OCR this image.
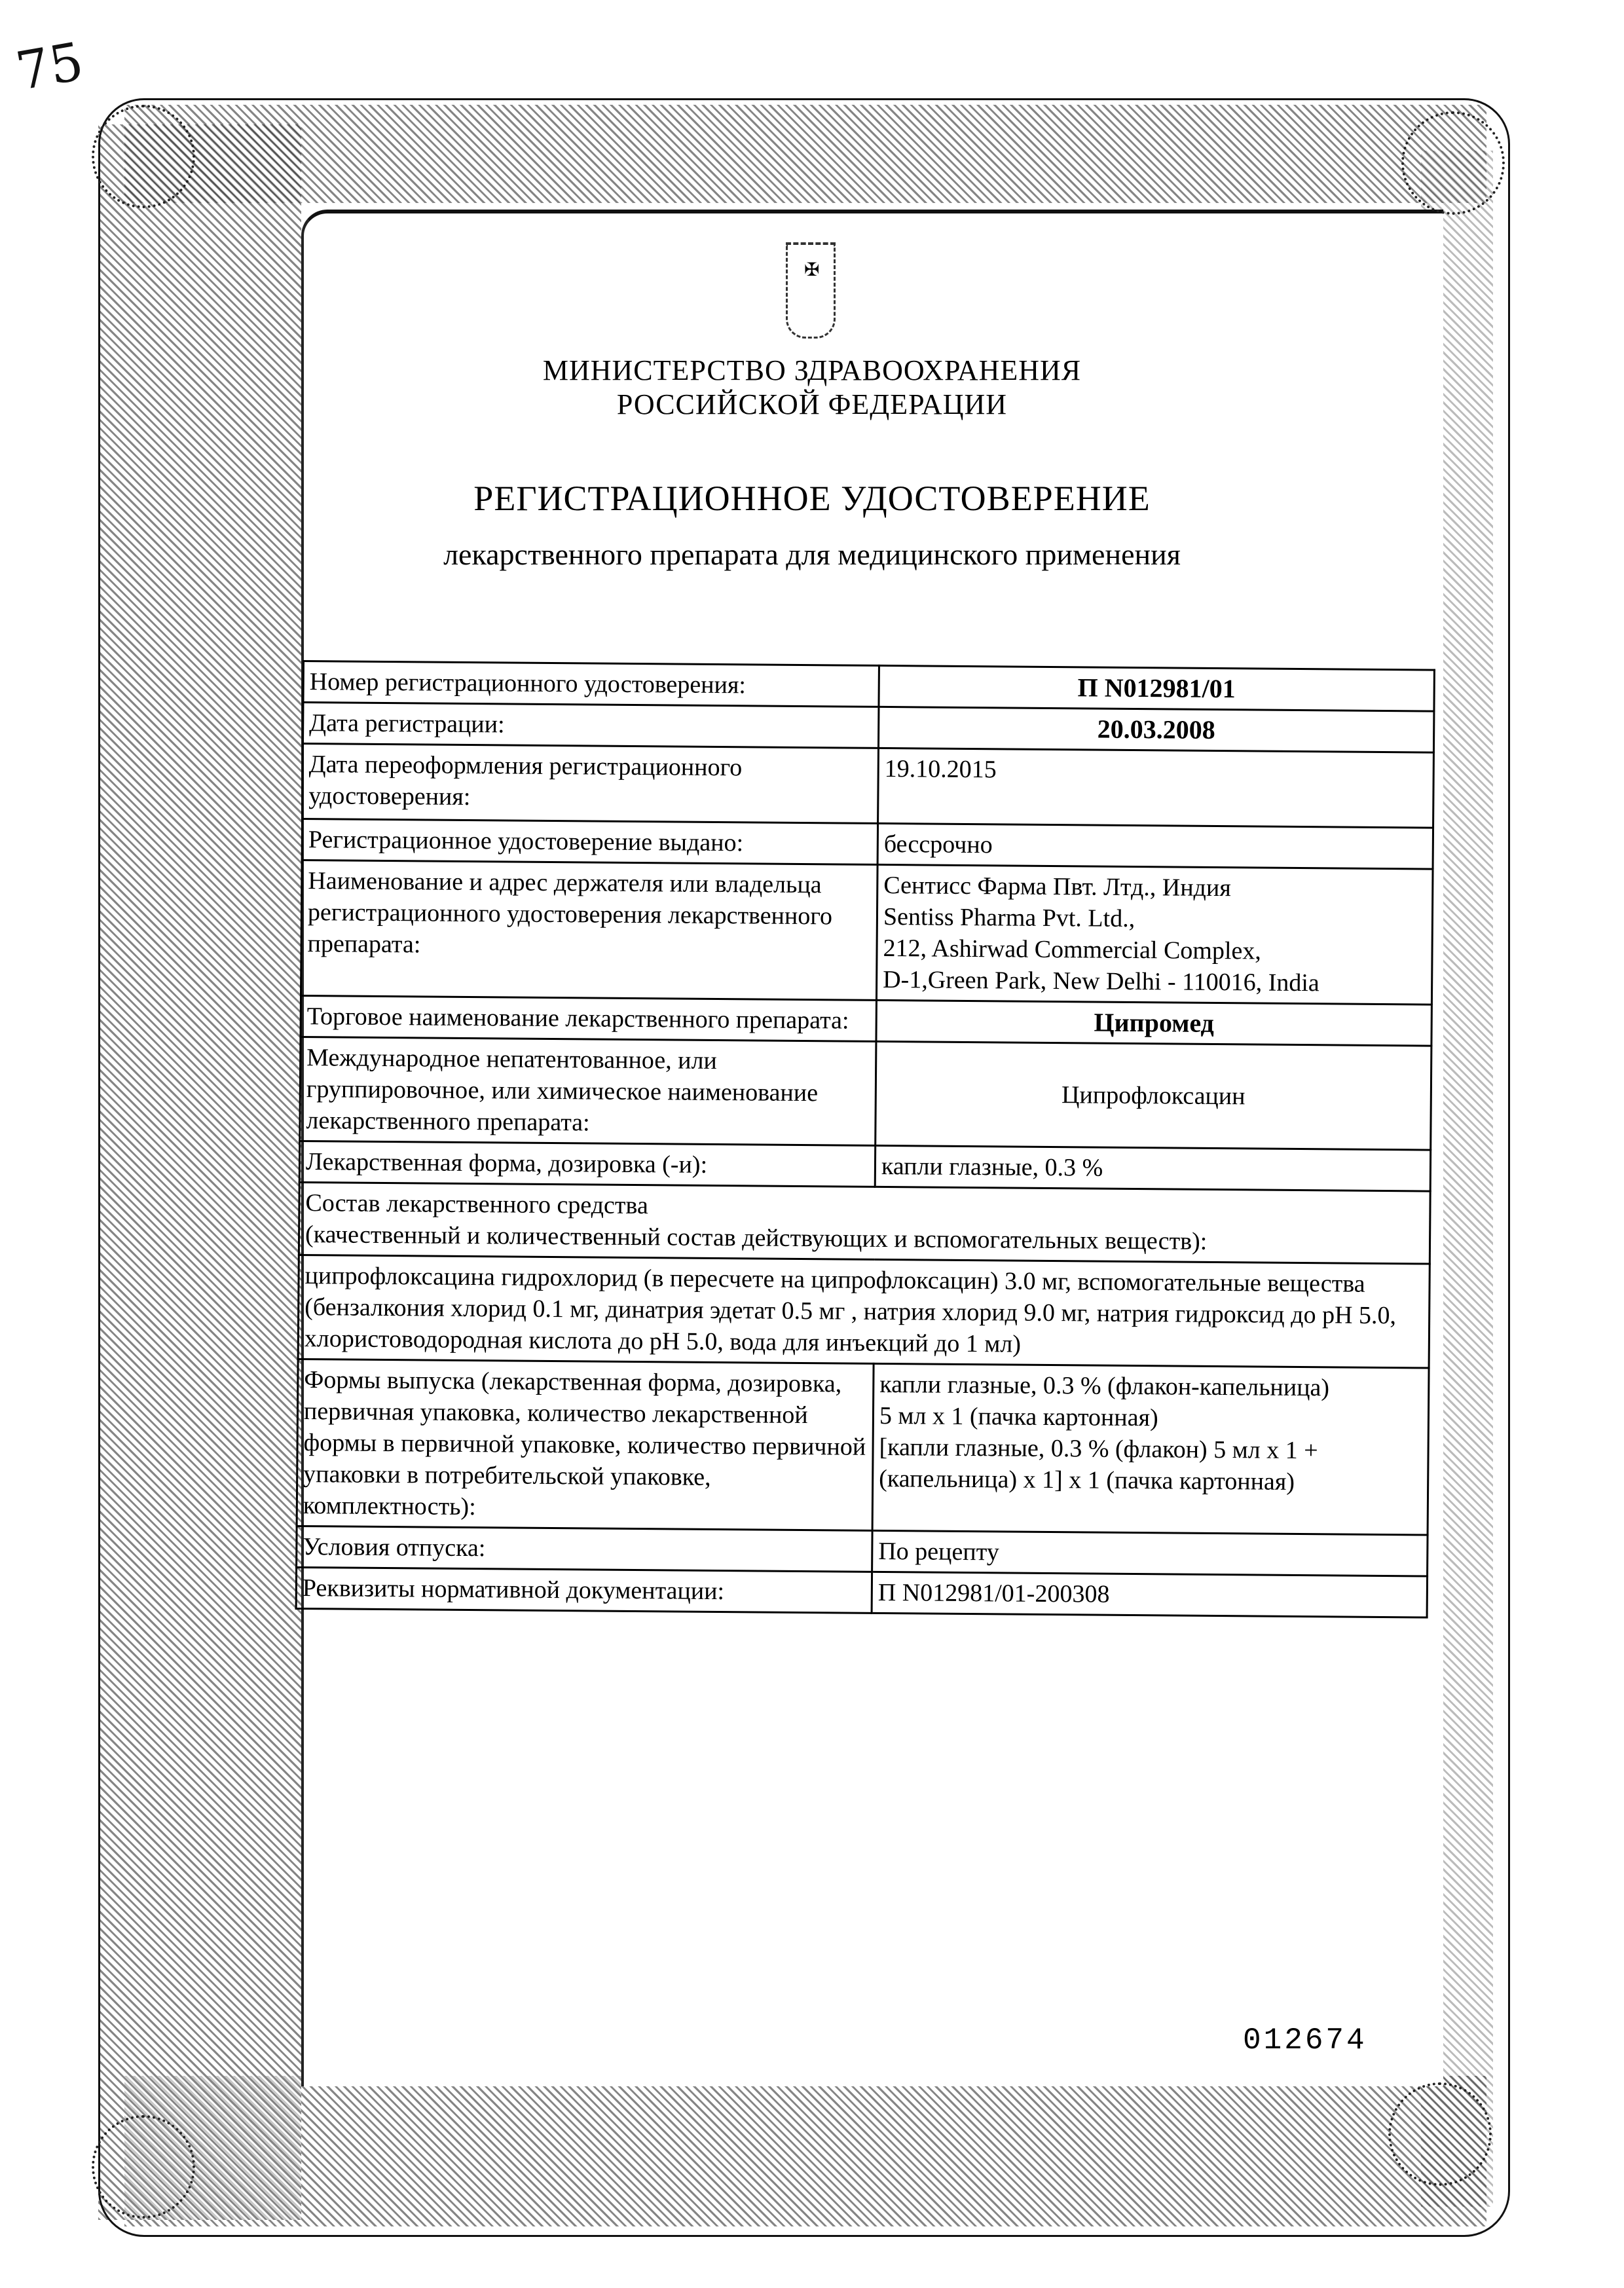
75
✠
МИНИСТЕРСТВО ЗДРАВООХРАНЕНИЯ
РОССИЙСКОЙ ФЕДЕРАЦИИ
РЕГИСТРАЦИОННОЕ УДОСТОВЕРЕНИЕ
лекарственного препарата для медицинского применения
Номер регистрационного удостоверения:	П N012981/01
Дата регистрации:	20.03.2008
Дата переоформления регистрационного удостоверения:	19.10.2015
Регистрационное удостоверение выдано:	бессрочно
Наименование и адрес держателя или владельца регистрационного удостоверения лекарственного препарата:	Сентисс Фарма Пвт. Лтд., Индия
Sentiss Pharma Pvt. Ltd.,
212, Ashirwad Commercial Complex,
D-1,Green Park, New Delhi - 110016, India
Торговое наименование лекарственного препарата:	Ципромед
Международное непатентованное, или группировочное, или химическое наименование лекарственного препарата:	Ципрофлоксацин
Лекарственная форма, дозировка (-и):	капли глазные, 0.3 %
Состав лекарственного средства
(качественный и количественный состав действующих и вспомогательных веществ):	
ципрофлоксацина гидрохлорид (в пересчете на ципрофлоксацин) 3.0 мг, вспомогательные вещества (бензалкония хлорид 0.1 мг, динатрия эдетат 0.5 мг , натрия хлорид 9.0 мг, натрия гидроксид до pH 5.0, хлористоводородная кислота до pH 5.0, вода для инъекций до 1 мл)	
Формы выпуска (лекарственная форма, дозировка, первичная упаковка, количество лекарственной формы в первичной упаковке, количество первичной упаковки в потребительской упаковке, комплектность):	капли глазные, 0.3 % (флакон-капельница)
5 мл х 1 (пачка картонная)
[капли глазные, 0.3 % (флакон) 5 мл х 1 +
(капельница) х 1] х 1 (пачка картонная)
Условия отпуска:	По рецепту
Реквизиты нормативной документации:	П N012981/01-200308
012674
